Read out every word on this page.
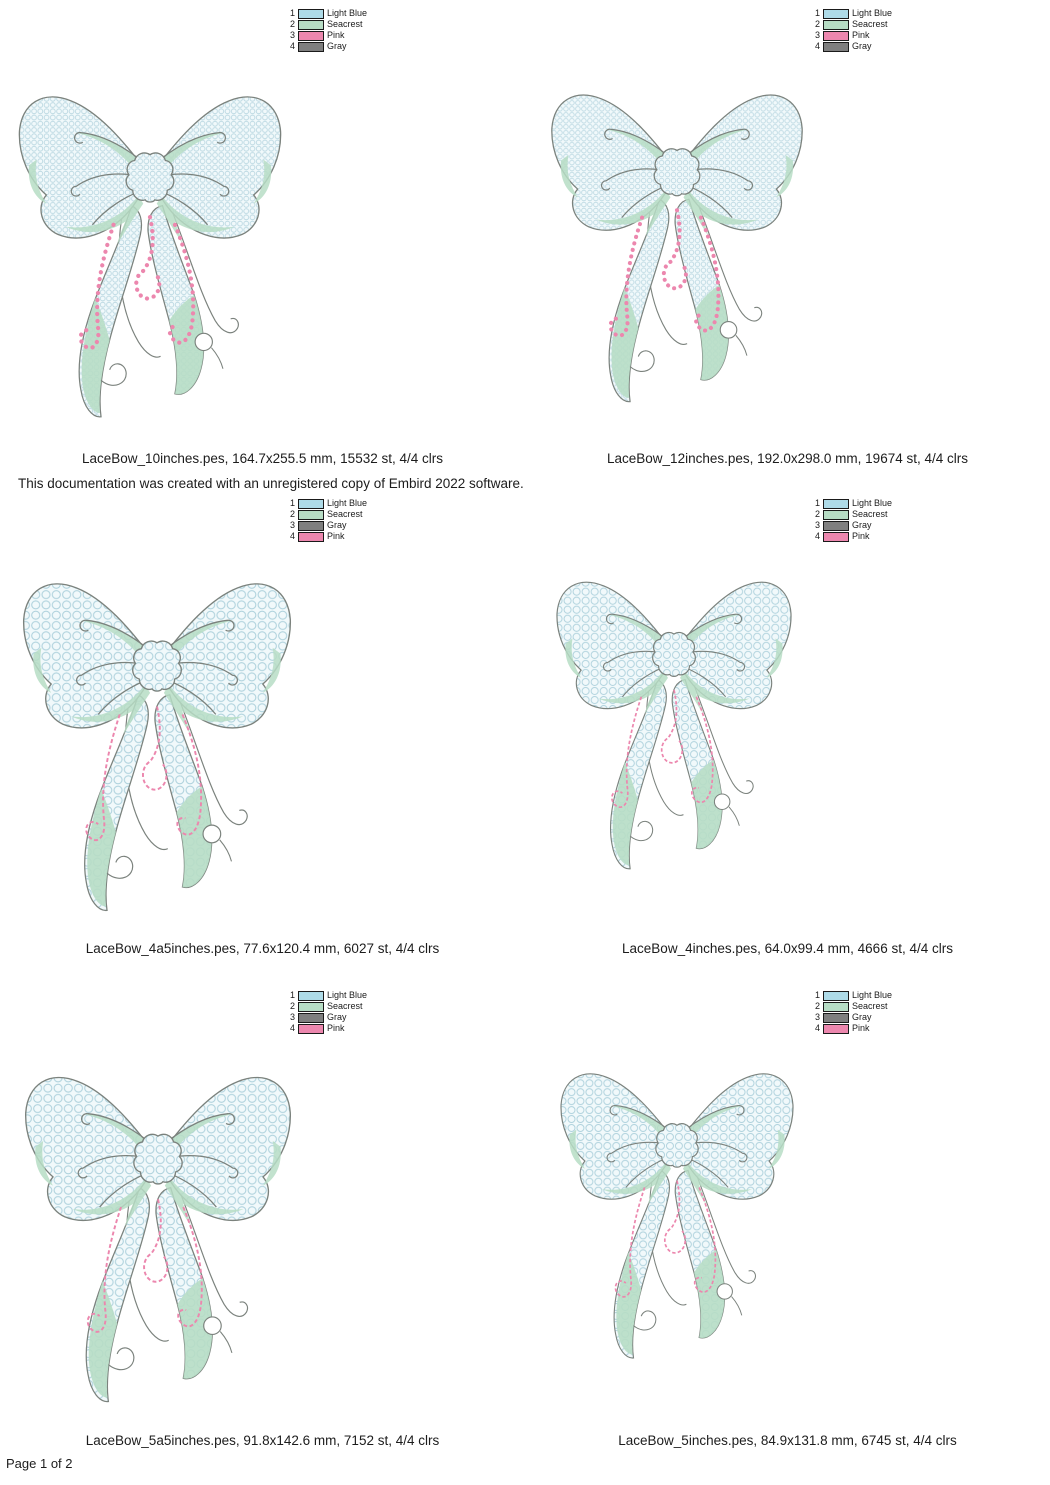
1	Light Blue
2	Seacrest
3	Pink
4	Gray
LaceBow_10inches.pes, 164.7x255.5 mm, 15532 st, 4/4 clrs
1	Light Blue
2	Seacrest
3	Pink
4	Gray
LaceBow_12inches.pes, 192.0x298.0 mm, 19674 st, 4/4 clrs
1	Light Blue
2	Seacrest
3	Gray
4	Pink
LaceBow_4a5inches.pes, 77.6x120.4 mm, 6027 st, 4/4 clrs
1	Light Blue
2	Seacrest
3	Gray
4	Pink
LaceBow_4inches.pes, 64.0x99.4 mm, 4666 st, 4/4 clrs
1	Light Blue
2	Seacrest
3	Gray
4	Pink
LaceBow_5a5inches.pes, 91.8x142.6 mm, 7152 st, 4/4 clrs
1	Light Blue
2	Seacrest
3	Gray
4	Pink
LaceBow_5inches.pes, 84.9x131.8 mm, 6745 st, 4/4 clrs
This documentation was created with an unregistered copy of Embird 2022 software.
Page 1 of 2
